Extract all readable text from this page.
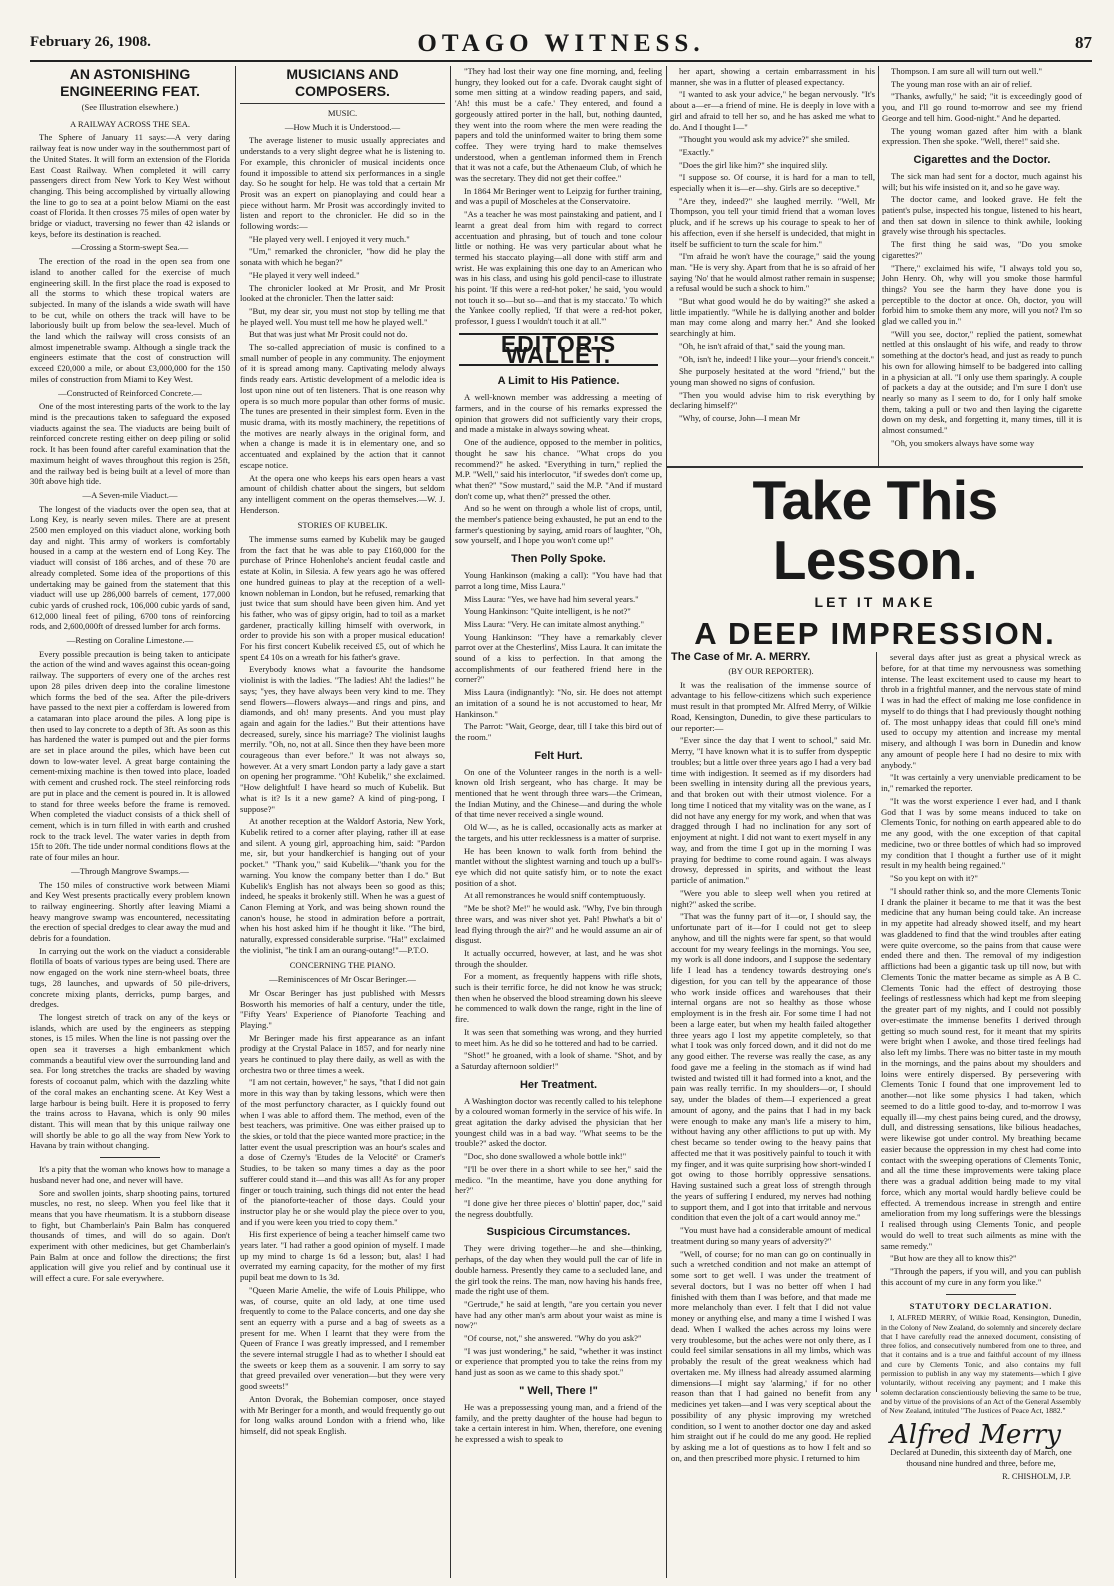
February 26, 1908.	OTAGO WITNESS.	87
AN ASTONISHING ENGINEERING FEAT.
(See Illustration elsewhere.)
A RAILWAY ACROSS THE SEA.

The Sphere of January 11 says:—A very daring railway feat is now under way in the southernmost part of the United States. It will form an extension of the Florida East Coast Railway. When completed it will carry passengers direct from New York to Key West without changing. This being accomplished by virtually allowing the line to go to sea at a point below Miami on the east coast of Florida. It then crosses 75 miles of open water by bridge or viaduct, traversing no fewer than 42 islands or keys, before its destination is reached.

—Crossing a Storm-swept Sea.—

The erection of the road in the open sea from one island to another called for the exercise of much engineering skill. In the first place the road is exposed to all the storms to which these tropical waters are subjected. In many of the islands a wide swath will have to be cut, while on others the track will have to be laboriously built up from below the sea-level. Much of the land which the railway will cross consists of an almost impenetrable swamp. Although a single track the engineers estimate that the cost of construction will exceed £20,000 a mile, or about £3,000,000 for the 150 miles of construction from Miami to Key West.

—Constructed of Reinforced Concrete.—

One of the most interesting parts of the work to the lay mind is the precautions taken to safeguard the exposed viaducts against the sea. The viaducts are being built of reinforced concrete resting either on deep piling or solid rock. It has been found after careful examination that the maximum height of waves throughout this region is 25ft, and the railway bed is being built at a level of more than 30ft above high tide.

—A Seven-mile Viaduct.—

The longest of the viaducts over the open sea, that at Long Key, is nearly seven miles. There are at present 2500 men employed on this viaduct alone, working both day and night. This army of workers is comfortably housed in a camp at the western end of Long Key. The viaduct will consist of 186 arches, and of these 70 are already completed. Some idea of the proportions of this undertaking may be gained from the statement that this viaduct will use up 286,000 barrels of cement, 177,000 cubic yards of crushed rock, 106,000 cubic yards of sand, 612,000 lineal feet of piling, 6700 tons of reinforcing rods, and 2,600,000ft of dressed lumber for arch forms.

—Resting on Coraline Limestone.—

Every possible precaution is being taken to anticipate the action of the wind and waves against this ocean-going railway. The supporters of every one of the arches rest upon 28 piles driven deep into the coraline limestone which forms the bed of the sea. After the pile-drivers have passed to the next pier a cofferdam is lowered from a catamaran into place around the piles. A long pipe is then used to lay concrete to a depth of 3ft. As soon as this has hardened the water is pumped out and the pier forms are set in place around the piles, which have been cut down to low-water level. A great barge containing the cement-mixing machine is then towed into place, loaded with cement and crushed rock. The steel reinforcing rods are put in place and the cement is poured in. It is allowed to stand for three weeks before the frame is removed. When completed the viaduct consists of a thick shell of cement, which is in turn filled in with earth and crushed rock to the track level. The water varies in depth from 15ft to 20ft. The tide under normal conditions flows at the rate of four miles an hour.

—Through Mangrove Swamps.—

The 150 miles of constructive work between Miami and Key West presents practically every problem known to railway engineering. Shortly after leaving Miami a heavy mangrove swamp was encountered, necessitating the erection of special dredges to clear away the mud and debris for a foundation.

In carrying out the work on the viaduct a considerable flotilla of boats of various types are being used. There are now engaged on the work nine stern-wheel boats, three tugs, 28 launches, and upwards of 50 pile-drivers, concrete mixing plants, derricks, pump barges, and dredges.

The longest stretch of track on any of the keys or islands, which are used by the engineers as stepping stones, is 15 miles. When the line is not passing over the open sea it traverses a high embankment which commands a beautiful view over the surrounding land and sea. For long stretches the tracks are shaded by waving forests of cocoanut palm, which with the dazzling white of the coral makes an enchanting scene. At Key West a large harbour is being built. Here it is proposed to ferry the trains across to Havana, which is only 90 miles distant. This will mean that by this unique railway one will shortly be able to go all the way from New York to Havana by train without changing.

It's a pity that the woman who knows how to manage a husband never had one, and never will have.

Sore and swollen joints, sharp shooting pains, tortured muscles, no rest, no sleep. When you feel like that it means that you have rheumatism. It is a stubborn disease to fight, but Chamberlain's Pain Balm has conquered thousands of times, and will do so again. Don't experiment with other medicines, but get Chamberlain's Pain Balm at once and follow the directions; the first application will give you relief and by continual use it will effect a cure. For sale everywhere.

MUSICIANS AND COMPOSERS.
MUSIC.
—How Much it is Understood.—

The average listener to music usually appreciates and understands to a very slight degree what he is listening to. For example, this chronicler of musical incidents once found it impossible to attend six performances in a single day. So he sought for help. He was told that a certain Mr Prosit was an expert on pianoplaying and could hear a piece without harm. Mr Prosit was accordingly invited to listen and report to the chronicler. He did so in the following words:—

"He played very well. I enjoyed it very much."

"Um," remarked the chronicler, "how did he play the sonata with which he began?"

"He played it very well indeed."

The chronicler looked at Mr Prosit, and Mr Prosit looked at the chronicler. Then the latter said:

"But, my dear sir, you must not stop by telling me that he played well. You must tell me how he played well."

But that was just what Mr Prosit could not do.

The so-called appreciation of music is confined to a small number of people in any community. The enjoyment of it is spread among many. Captivating melody always finds ready ears. Artistic development of a melodic idea is lost upon nine out of ten listeners. That is one reason why opera is so much more popular than other forms of music. The tunes are presented in their simplest form. Even in the music drama, with its mostly machinery, the repetitions of the motives are nearly always in the original form, and when a change is made it is in elementary one, and so accentuated and explained by the action that it cannot escape notice.

At the opera one who keeps his ears open hears a vast amount of childish chatter about the singers, but seldom any intelligent comment on the operas themselves.—W. J. Henderson.

STORIES OF KUBELIK.

The immense sums earned by Kubelik may be gauged from the fact that he was able to pay £160,000 for the purchase of Prince Hohenlohe's ancient feudal castle and estate at Kolin, in Silesia. A few years ago he was offered one hundred guineas to play at the reception of a well-known nobleman in London, but he refused, remarking that just twice that sum should have been given him. And yet his father, who was of gipsy origin, had to toil as a market gardener, practically killing himself with overwork, in order to provide his son with a proper musical education! For his first concert Kubelik received £5, out of which he spent £4 10s on a wreath for his father's grave.

Everybody knows what a favourite the handsome violinist is with the ladies. "The ladies! Ah! the ladies!" he says; "yes, they have always been very kind to me. They send flowers—flowers always—and rings and pins, and diamonds, and oh! many presents. And you must play again and again for the ladies." But their attentions have decreased, surely, since his marriage? The violinist laughs merrily. "Oh, no, not at all. Since then they have been more courageous than ever before." It was not always so, however. At a very smart London party a lady gave a start on opening her programme. "Oh! Kubelik," she exclaimed. "How delightful! I have heard so much of Kubelik. But what is it? Is it a new game? A kind of ping-pong, I suppose?"

At another reception at the Waldorf Astoria, New York, Kubelik retired to a corner after playing, rather ill at ease and silent. A young girl, approaching him, said: "Pardon me, sir, but your handkerchief is hanging out of your pocket." "Thank you," said Kubelik—"thank you for the warning. You know the company better than I do." But Kubelik's English has not always been so good as this; indeed, he speaks it brokenly still. When he was a guest of Canon Fleming at York, and was being shown round the canon's house, he stood in admiration before a portrait, when his host asked him if he thought it like. "The bird, naturally, expressed considerable surprise. "Ha!" exclaimed the violinist, "he tink I am an ourang-outang!"—P.T.O.

CONCERNING THE PIANO.
—Reminiscences of Mr Oscar Beringer.—

Mr Oscar Beringer has just published with Messrs Bosworth his memories of half a century, under the title, "Fifty Years' Experience of Pianoforte Teaching and Playing."

Mr Beringer made his first appearance as an infant prodigy at the Crystal Palace in 1857, and for nearly nine years he continued to play there daily, as well as with the orchestra two or three times a week.

"I am not certain, however," he says, "that I did not gain more in this way than by taking lessons, which were then of the most perfunctory character, as I quickly found out when I was able to afford them. The method, even of the best teachers, was primitive. One was either praised up to the skies, or told that the piece wanted more practice; in the latter event the usual prescription was an hour's scales and a dose of Czerny's 'Etudes de la Velocité' or Cramer's Studies, to be taken so many times a day as the poor sufferer could stand it—and this was all! As for any proper finger or touch training, such things did not enter the head of the pianoforte-teacher of those days. Could your instructor play he or she would play the piece over to you, and if you were keen you tried to copy them."

His first experience of being a teacher himself came two years later. "I had rather a good opinion of myself. I made up my mind to charge 1s 6d a lesson; but, alas! I had overrated my earning capacity, for the mother of my first pupil beat me down to 1s 3d.

"Queen Marie Amelie, the wife of Louis Philippe, who was, of course, quite an old lady, at one time used frequently to come to the Palace concerts, and one day she sent an equerry with a purse and a bag of sweets as a present for me. When I learnt that they were from the Queen of France I was greatly impressed, and I remember the severe internal struggle I had as to whether I should eat the sweets or keep them as a souvenir. I am sorry to say that greed prevailed over veneration—but they were very good sweets!"

Anton Dvorak, the Bohemian composer, once stayed with Mr Beringer for a month, and would frequently go out for long walks around London with a friend who, like himself, did not speak English.

"They had lost their way one fine morning, and, feeling hungry, they looked out for a cafe. Dvorak caught sight of some men sitting at a window reading papers, and said, 'Ah! this must be a cafe.' They entered, and found a gorgeously attired porter in the hall, but, nothing daunted, they went into the room where the men were reading the papers and told the uninformed waiter to bring them some coffee. They were trying hard to make themselves understood, when a gentleman informed them in French that it was not a cafe, but the Athenaeum Club, of which he was the secretary. They did not get their coffee."

In 1864 Mr Beringer went to Leipzig for further training, and was a pupil of Moscheles at the Conservatoire.

"As a teacher he was most painstaking and patient, and I learnt a great deal from him with regard to correct accentuation and phrasing, but of touch and tone colour little or nothing. He was very particular about what he termed his staccato playing—all done with stiff arm and wrist. He was explaining this one day to an American who was in his class, and using his gold pencil-case to illustrate his point. 'If this were a red-hot poker,' he said, 'you would not touch it so—but so—and that is my staccato.' To which the Yankee coolly replied, 'If that were a red-hot poker, professor, I guess I wouldn't touch it at all.'"

EDITOR'S WALLET.
A Limit to His Patience.

A well-known member was addressing a meeting of farmers, and in the course of his remarks expressed the opinion that growers did not sufficiently vary their crops, and made a mistake in always sowing wheat.

One of the audience, opposed to the member in politics, thought he saw his chance. "What crops do you recommend?" he asked. "Everything in turn," replied the M.P. "Well," said his interlocutor, "if swedes don't come up, what then?" "Sow mustard," said the M.P. "And if mustard don't come up, what then?" pressed the other.

And so he went on through a whole list of crops, until, the member's patience being exhausted, he put an end to the farmer's questioning by saying, amid roars of laughter, "Oh, sow yourself, and I hope you won't come up!"

Then Polly Spoke.

Young Hankinson (making a call): "You have had that parrot a long time, Miss Laura."

Miss Laura: "Yes, we have had him several years."

Young Hankinson: "Quite intelligent, is he not?"

Miss Laura: "Very. He can imitate almost anything."

Young Hankinson: "They have a remarkably clever parrot over at the Chesterlins', Miss Laura. It can imitate the sound of a kiss to perfection. In that among the accomplishments of our feathered friend here in the corner?"

Miss Laura (indignantly): "No, sir. He does not attempt an imitation of a sound he is not accustomed to hear, Mr Hankinson."

The Parrot: "Wait, George, dear, till I take this bird out of the room."

Felt Hurt.

On one of the Volunteer ranges in the north is a well-known old Irish sergeant, who has charge. It may be mentioned that he went through three wars—the Crimean, the Indian Mutiny, and the Chinese—and during the whole of that time never received a single wound.

Old W—, as he is called, occasionally acts as marker at the targets, and his utter recklessness is a matter of surprise.

He has been known to walk forth from behind the mantlet without the slightest warning and touch up a bull's-eye which did not quite satisfy him, or to note the exact position of a shot.

At all remonstrances he would sniff contemptuously.

"Me be shot? Me!" he would ask. "Why, I've bin through three wars, and was niver shot yet. Pah! Phwhat's a bit o' lead flying through the air?" and he would assume an air of disgust.

It actually occurred, however, at last, and he was shot through the shoulder.

For a moment, as frequently happens with rifle shots, such is their terrific force, he did not know he was struck; then when he observed the blood streaming down his sleeve he commenced to walk down the range, right in the line of fire.

It was seen that something was wrong, and they hurried to meet him. As he did so he tottered and had to be carried.

"Shot!" he groaned, with a look of shame. "Shot, and by a Saturday afternoon soldier!"

Her Treatment.

A Washington doctor was recently called to his telephone by a coloured woman formerly in the service of his wife. In great agitation the darky advised the physician that her youngest child was in a bad way. "What seems to be the trouble?" asked the doctor.

"Doc, sho done swallowed a whole bottle ink!"

"I'll be over there in a short while to see her," said the medico. "In the meantime, have you done anything for her?"

"I done give her three pieces o' blottin' paper, doc," said the negress doubtfully.

Suspicious Circumstances.

They were driving together—he and she—thinking, perhaps, of the day when they would pull the car of life in double harness. Presently they came to a secluded lane, and the girl took the reins. The man, now having his hands free, made the right use of them.

"Gertrude," he said at length, "are you certain you never have had any other man's arm about your waist as mine is now?"

"Of course, not," she answered. "Why do you ask?"

"I was just wondering," he said, "whether it was instinct or experience that prompted you to take the reins from my hand just as soon as we came to this shady spot."

" Well, There !"

He was a prepossessing young man, and a friend of the family, and the pretty daughter of the house had begun to take a certain interest in him. When, therefore, one evening he expressed a wish to speak to

her apart, showing a certain embarrassment in his manner, she was in a flutter of pleased expectancy.

"I wanted to ask your advice," he began nervously. "It's about a—er—a friend of mine. He is deeply in love with a girl and afraid to tell her so, and he has asked me what to do. And I thought I—"

"Thought you would ask my advice?" she smiled.

"Exactly."

"Does the girl like him?" she inquired slily.

"I suppose so. Of course, it is hard for a man to tell, especially when it is—er—shy. Girls are so deceptive."

"Are they, indeed?" she laughed merrily. "Well, Mr Thompson, you tell your timid friend that a woman loves pluck, and if he screws up his courage to speak to her of his affection, even if she herself is undecided, that might in itself be sufficient to turn the scale for him."

"I'm afraid he won't have the courage," said the young man. "He is very shy. Apart from that he is so afraid of her saying 'No' that he would almost rather remain in suspense; a refusal would be such a shock to him."

"But what good would he do by waiting?" she asked a little impatiently. "While he is dallying another and bolder man may come along and marry her." And she looked searchingly at him.

"Oh, he isn't afraid of that," said the young man.

"Oh, isn't he, indeed! I like your—your friend's conceit."

She purposely hesitated at the word "friend," but the young man showed no signs of confusion.

"Then you would advise him to risk everything by declaring himself?"

"Why, of course, John—I mean Mr

Thompson. I am sure all will turn out well."

The young man rose with an air of relief.

"Thanks, awfully," he said; "it is exceedingly good of you, and I'll go round to-morrow and see my friend George and tell him. Good-night." And he departed.

The young woman gazed after him with a blank expression. Then she spoke. "Well, there!" said she.

Cigarettes and the Doctor.

The sick man had sent for a doctor, much against his will; but his wife insisted on it, and so he gave way.

The doctor came, and looked grave. He felt the patient's pulse, inspected his tongue, listened to his heart, and then sat down in silence to think awhile, looking gravely wise through his spectacles.

The first thing he said was, "Do you smoke cigarettes?"

"There," exclaimed his wife, "I always told you so, John Henry. Oh, why will you smoke those harmful things? You see the harm they have done you is perceptible to the doctor at once. Oh, doctor, you will forbid him to smoke them any more, will you not? I'm so glad we called you in."

"Will you see, doctor," replied the patient, somewhat nettled at this onslaught of his wife, and ready to throw something at the doctor's head, and just as ready to punch his own for allowing himself to be badgered into calling in a physician at all. "I only use them sparingly. A couple of packets a day at the outside; and I'm sure I don't use nearly so many as I seem to do, for I only half smoke them, taking a pull or two and then laying the cigarette down on my desk, and forgetting it, many times, till it is almost consumed."

"Oh, you smokers always have some way

Take This Lesson.
LET IT MAKE
A DEEP IMPRESSION.
The Case of Mr. A. MERRY.
(BY OUR REPORTER).

It was the realisation of the immense source of advantage to his fellow-citizens which such experience must result in that prompted Mr. Alfred Merry, of Wilkie Road, Kensington, Dunedin, to give these particulars to our reporter:—

"Ever since the day that I went to school," said Mr. Merry, "I have known what it is to suffer from dyspeptic troubles; but a little over three years ago I had a very bad time with indigestion. It seemed as if my disorders had been swelling in intensity during all the previous years, and that broken out with their utmost violence. For a long time I noticed that my vitality was on the wane, as I did not have any energy for my work, and when that was dragged through I had no inclination for any sort of enjoyment at night. I did not want to exert myself in any way, and from the time I got up in the morning I was praying for bedtime to come round again. I was always drowsy, depressed in spirits, and without the least particle of animation."

"Were you able to sleep well when you retired at night?" asked the scribe.

"That was the funny part of it—or, I should say, the unfortunate part of it—for I could not get to sleep anyhow, and till the nights were far spent, so that would account for my weary feelings in the mornings. You see, my work is all done indoors, and I suppose the sedentary life I lead has a tendency towards destroying one's digestion, for you can tell by the appearance of those who work inside offices and warehouses that their internal organs are not so healthy as those whose employment is in the fresh air. For some time I had not been a large eater, but when my health failed altogether three years ago I lost my appetite completely, so that what I took was only forced down, and it did not do me any good either. The reverse was really the case, as any food gave me a feeling in the stomach as if wind had twisted and twisted till it had formed into a knot, and the pain was really terrific. In my shoulders—or, I should say, under the blades of them—I experienced a great amount of agony, and the pains that I had in my back were enough to make any man's life a misery to him, without having any other afflictions to put up with. My chest became so tender owing to the heavy pains that affected me that it was positively painful to touch it with my finger, and it was quite surprising how short-winded I got owing to those horribly oppressive sensations. Having sustained such a great loss of strength through the years of suffering I endured, my nerves had nothing to support them, and I got into that irritable and nervous condition that even the jolt of a cart would annoy me."

"You must have had a considerable amount of medical treatment during so many years of adversity?"

"Well, of course; for no man can go on continually in such a wretched condition and not make an attempt of some sort to get well. I was under the treatment of several doctors, but I was no better off when I had finished with them than I was before, and that made me more melancholy than ever. I felt that I did not value money or anything else, and many a time I wished I was dead. When I walked the aches across my loins were very troublesome, but the aches were not only there, as I could feel similar sensations in all my limbs, which was probably the result of the great weakness which had overtaken me. My illness had already assumed alarming dimensions—I might say 'alarming,' if for no other reason than that I had gained no benefit from any medicines yet taken—and I was very sceptical about the possibility of any physic improving my wretched condition, so I went to another doctor one day and asked him straight out if he could do me any good. He replied by asking me a lot of questions as to how I felt and so on, and then prescribed more physic. I returned to him

several days after just as great a physical wreck as before, for at that time my nervousness was something intense. The least excitement used to cause my heart to throb in a frightful manner, and the nervous state of mind I was in had the effect of making me lose confidence in myself to do things that I had previously thought nothing of. The most unhappy ideas that could fill one's mind used to occupy my attention and increase my mental misery, and although I was born in Dunedin and know any amount of people here I had no desire to mix with anybody."

"It was certainly a very unenviable predicament to be in," remarked the reporter.

"It was the worst experience I ever had, and I thank God that I was by some means induced to take on Clements Tonic, for nothing on earth appeared able to do me any good, with the one exception of that capital medicine, two or three bottles of which had so improved my condition that I thought a further use of it might result in my health being regained."

"So you kept on with it?"

"I should rather think so, and the more Clements Tonic I drank the plainer it became to me that it was the best medicine that any human being could take. An increase in my appetite had already showed itself, and my heart was gladdened to find that the wind troubles after eating were quite overcome, so the pains from that cause were ended there and then. The removal of my indigestion afflictions had been a gigantic task up till now, but with Clements Tonic the matter became as simple as A B C. Clements Tonic had the effect of destroying those feelings of restlessness which had kept me from sleeping the greater part of my nights, and I could not possibly over-estimate the immense benefits I derived through getting so much sound rest, for it meant that my spirits were bright when I awoke, and those tired feelings had also left my limbs. There was no bitter taste in my mouth in the mornings, and the pains about my shoulders and loins were entirely dispersed. By persevering with Clements Tonic I found that one improvement led to another—not like some physics I had taken, which seemed to do a little good to-day, and to-morrow I was equally ill—my chest pains being cured, and the drowsy, dull, and distressing sensations, like bilious headaches, were likewise got under control. My breathing became easier because the oppression in my chest had come into contact with the sweeping operations of Clements Tonic, and all the time these improvements were taking place there was a gradual addition being made to my vital force, which any mortal would hardly believe could be effected. A tremendous increase in strength and entire amelioration from my long sufferings were the blessings I realised through using Clements Tonic, and people would do well to treat such ailments as mine with the same remedy."

"But how are they all to know this?"

"Through the papers, if you will, and you can publish this account of my cure in any form you like."

STATUTORY DECLARATION.

I, ALFRED MERRY, of Wilkie Road, Kensington, Dunedin, in the Colony of New Zealand, do solemnly and sincerely declare that I have carefully read the annexed document, consisting of three folios, and consecutively numbered from one to three, and that it contains and is a true and faithful account of my illness and cure by Clements Tonic, and also contains my full permission to publish in any way my statements—which I give voluntarily, without receiving any payment; and I make this solemn declaration conscientiously believing the same to be true, and by virtue of the provisions of an Act of the General Assembly of New Zealand, intituled "The Justices of Peace Act, 1882."

Alfred Merry
Declared at Dunedin, this sixteenth day of March, one thousand nine hundred and three, before me,
R. CHISHOLM, J.P.
